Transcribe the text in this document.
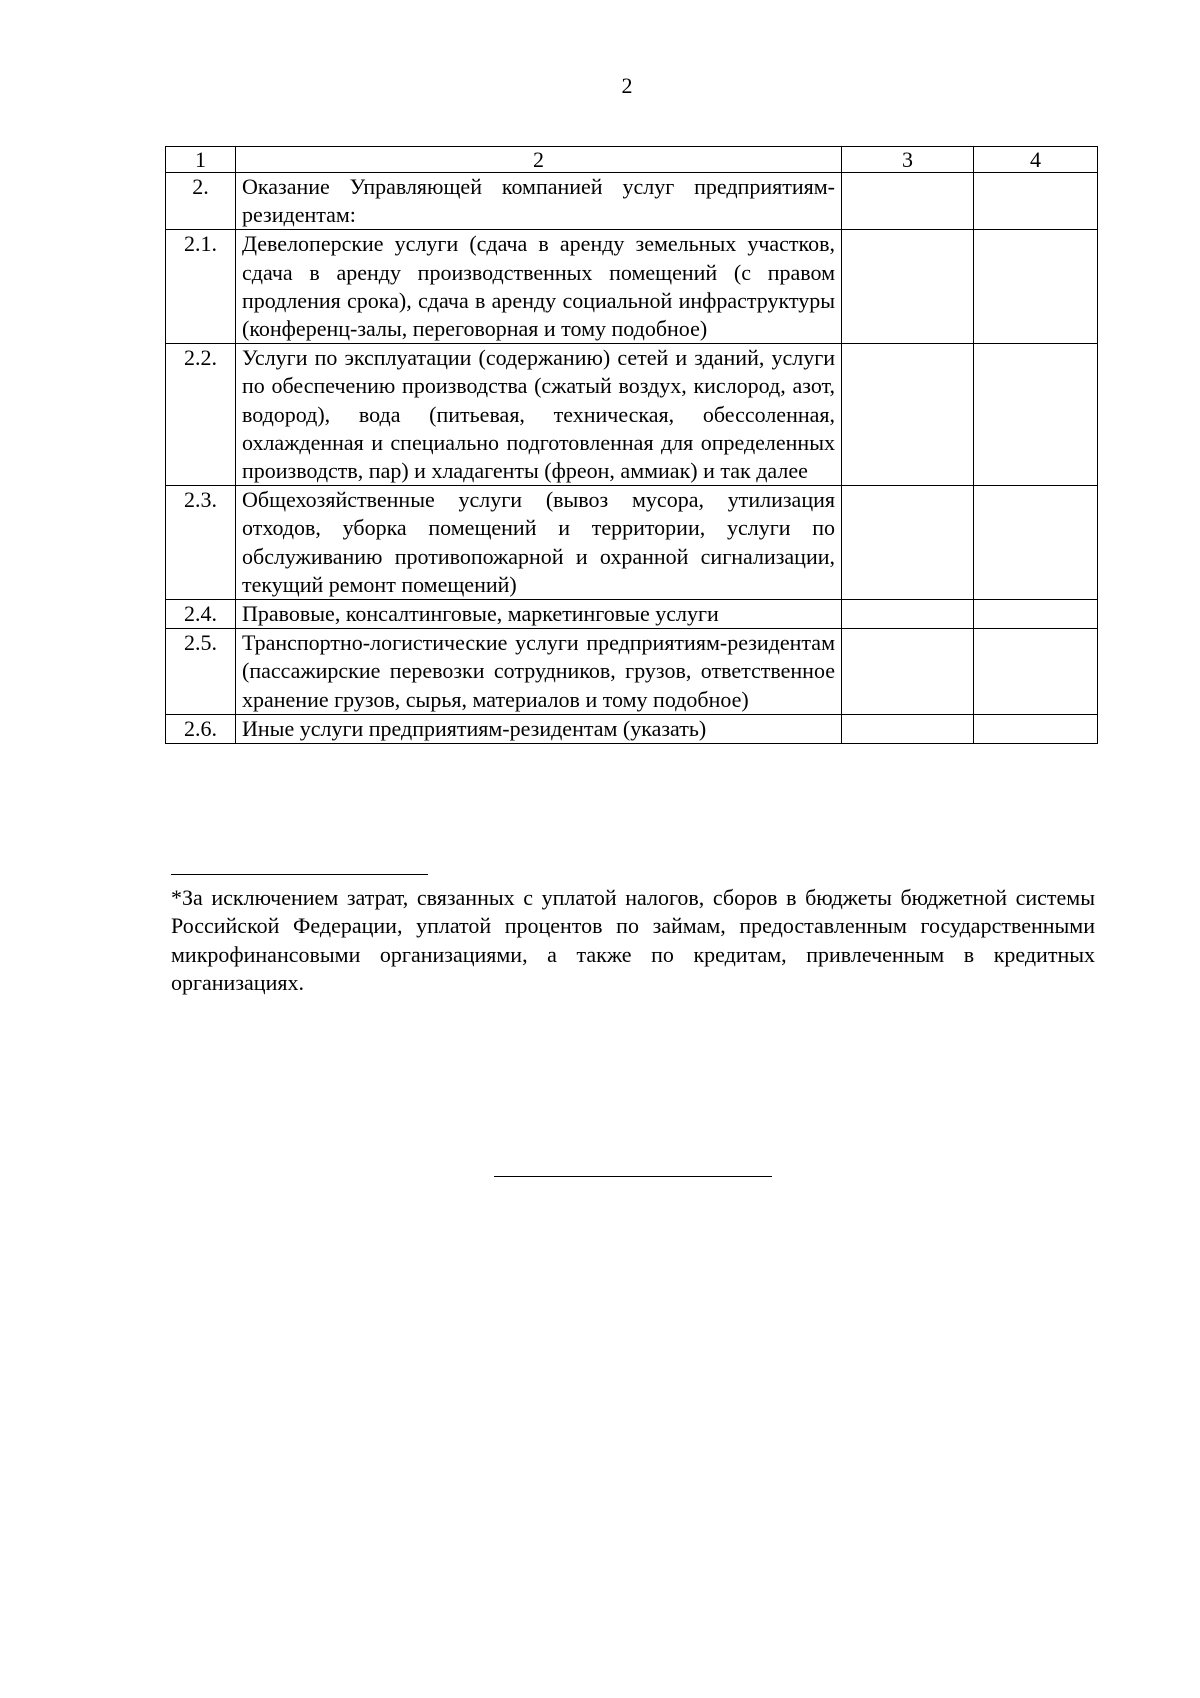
2
1	2	3	4
2.	Оказание Управляющей компанией услуг предприятиям-резидентам:		

2.1.	Девелоперские услуги (сдача в аренду земельных участков, сдача в аренду производственных помещений (с правом продления срока), сдача в аренду социальной инфраструктуры (конференц-залы, переговорная и тому подобное)		

2.2.	Услуги по эксплуатации (содержанию) сетей и зданий, услуги по обеспечению производства (сжатый воздух, кислород, азот, водород), вода (питьевая, техническая, обессоленная, охлажденная и специально подготовленная для определенных производств, пар) и хладагенты (фреон, аммиак) и так далее		

2.3.	Общехозяйственные услуги (вывоз мусора, утилизация отходов, уборка помещений и территории, услуги по обслуживанию противопожарной и охранной сигнализации, текущий ремонт помещений)		

2.4.	Правовые, консалтинговые, маркетинговые услуги		

2.5.	Транспортно-логистические услуги предприятиям-резидентам (пассажирские перевозки сотрудников, грузов, ответственное хранение грузов, сырья, материалов и тому подобное)		

2.6.	Иные услуги предприятиям-резидентам (указать)		

*За исключением затрат, связанных с уплатой налогов, сборов в бюджеты бюджетной системы Российской Федерации, уплатой процентов по займам, предоставленным государственными микрофинансовыми организациями, а также по кредитам, привлеченным в кредитных организациях.
